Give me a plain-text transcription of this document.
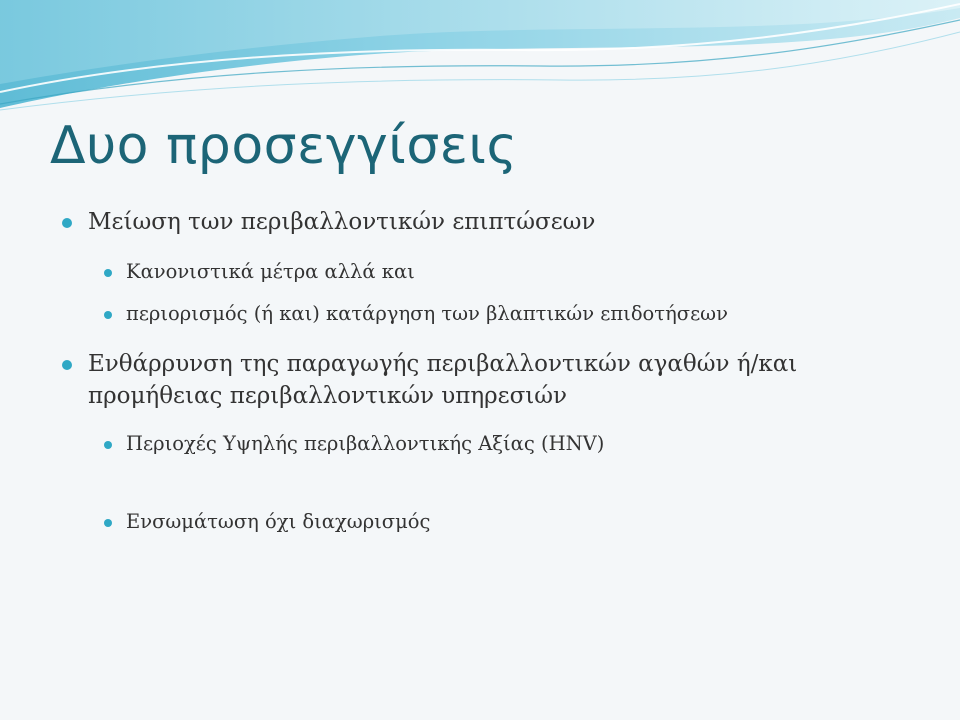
Δυο προσεγγίσεις
Μείωση των περιβαλλοντικών επιπτώσεων
Κανονιστικά μέτρα αλλά και
περιορισμός (ή και) κατάργηση των βλαπτικών επιδοτήσεων
Ενθάρρυνση της παραγωγής περιβαλλοντικών αγαθών ή/και προμήθειας περιβαλλοντικών υπηρεσιών
Περιοχές Υψηλής περιβαλλοντικής Αξίας (HNV)
Ενσωμάτωση όχι διαχωρισμός
